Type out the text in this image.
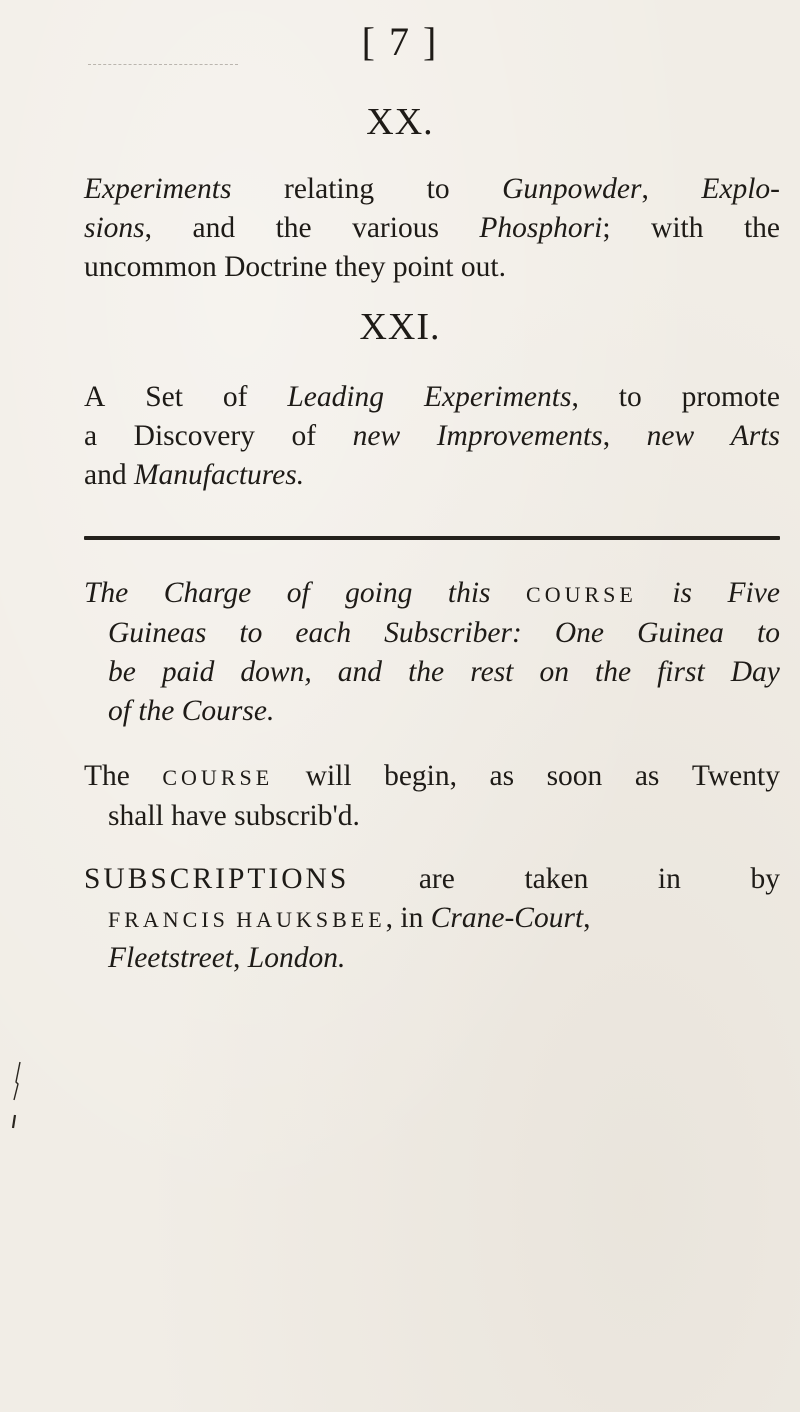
[ 7 ]
XX.
Experiments relating to Gunpowder, Explo-
sions, and the various Phosphori; with the
uncommon Doctrine they point out.
XXI.
A Set of Leading Experiments, to promote
a Discovery of new Improvements, new Arts
and Manufactures.
The Charge of going this COURSE is Five
Guineas to each Subscriber: One Guinea to
be paid down, and the rest on the first Day
of the Course.
The COURSE will begin, as soon as Twenty
shall have subscrib'd.
SUBSCRIPTIONS are taken in by
FRANCIS HAUKSBEE, in Crane-Court,
Fleetstreet, London.
